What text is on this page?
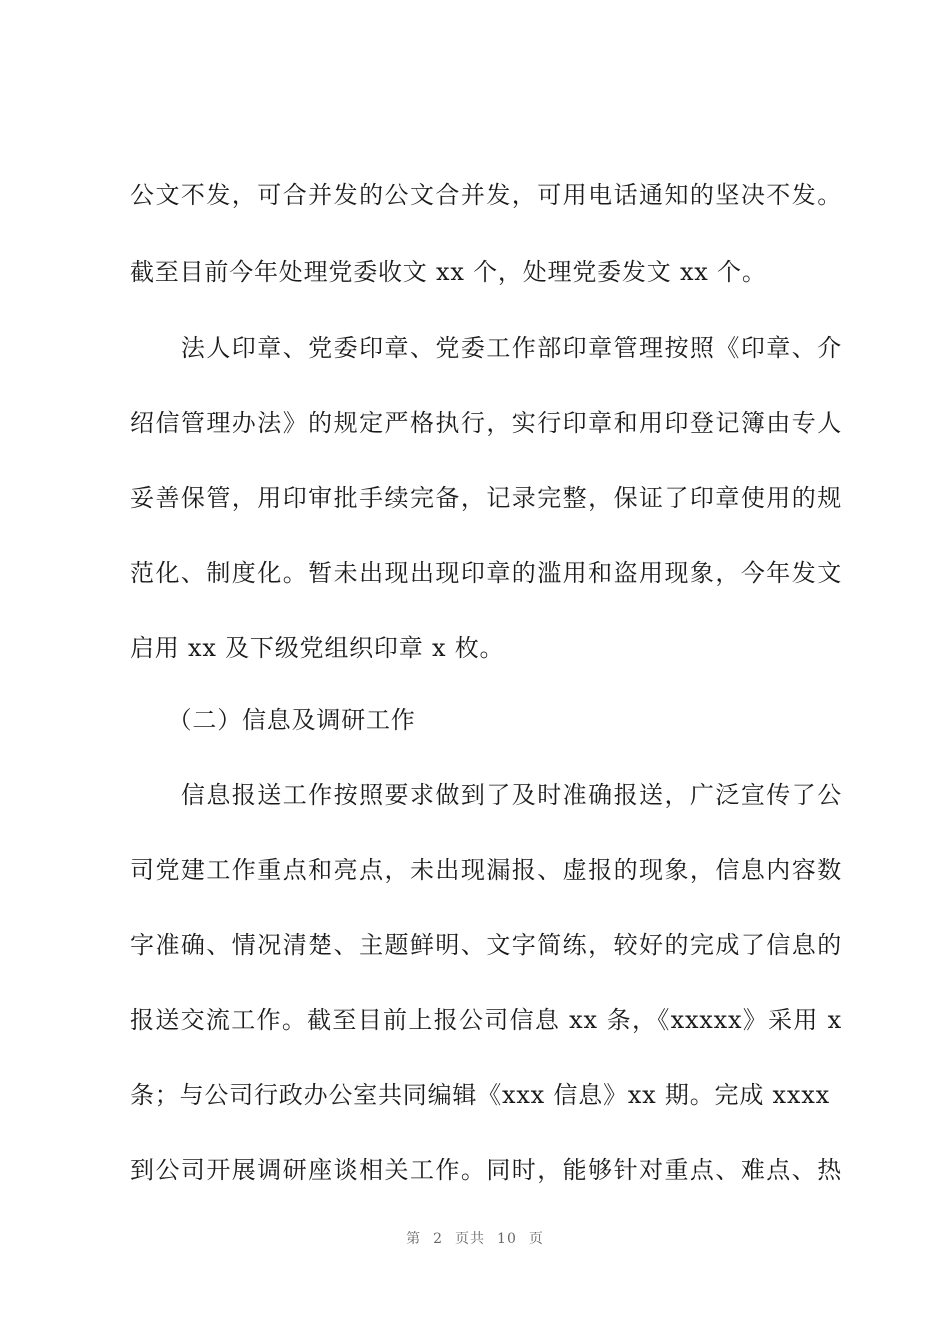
公文不发，可合并发的公文合并发，可用电话通知的坚决不发。
截至目前今年处理党委收文 xx 个，处理党委发文 xx 个。
　　法人印章、党委印章、党委工作部印章管理按照《印章、介
绍信管理办法》的规定严格执行，实行印章和用印登记簿由专人
妥善保管，用印审批手续完备，记录完整，保证了印章使用的规
范化、制度化。暂未出现出现印章的滥用和盗用现象，今年发文
启用 xx 及下级党组织印章 x 枚。
　　（二）信息及调研工作
　　信息报送工作按照要求做到了及时准确报送，广泛宣传了公
司党建工作重点和亮点，未出现漏报、虚报的现象，信息内容数
字准确、情况清楚、主题鲜明、文字简练，较好的完成了信息的
报送交流工作。截至目前上报公司信息 xx 条，《xxxxx》采用 x
条；与公司行政办公室共同编辑《xxx 信息》xx 期。完成 xxxx
到公司开展调研座谈相关工作。同时，能够针对重点、难点、热
第 2 页共 10 页
